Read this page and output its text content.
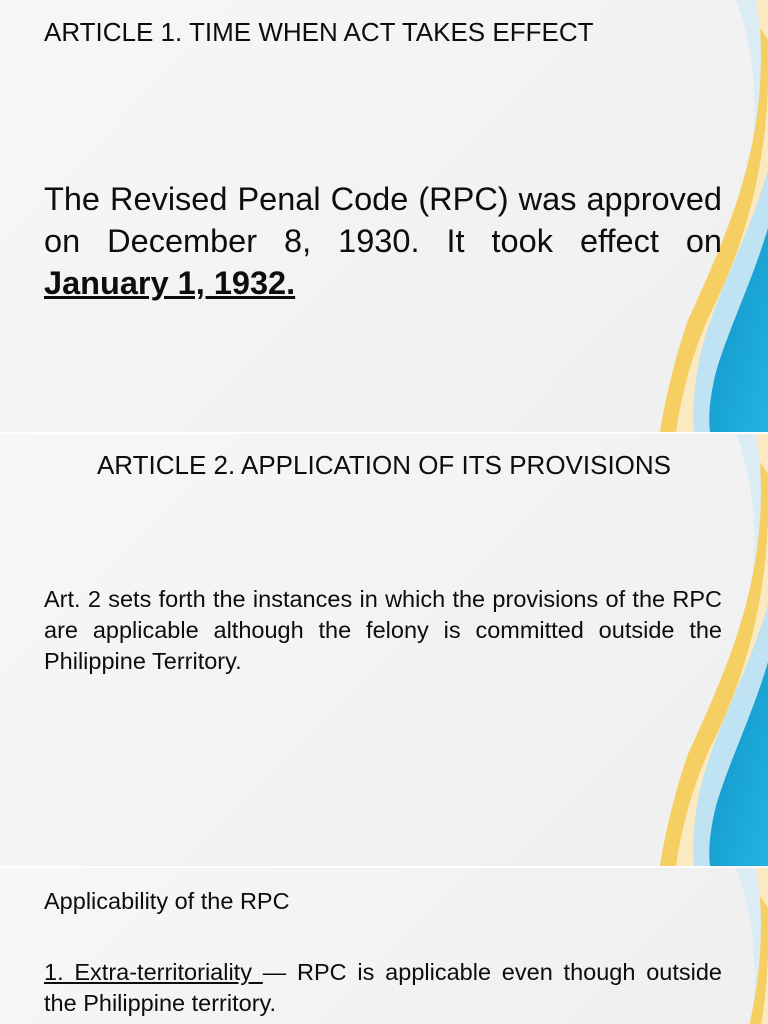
ARTICLE 1. TIME WHEN ACT TAKES EFFECT

The Revised Penal Code (RPC) was approved on December 8, 1930. It took effect on January 1, 1932.

ARTICLE 2. APPLICATION OF ITS PROVISIONS

Art. 2 sets forth the instances in which the provisions of the RPC are applicable although the felony is committed outside the Philippine Territory.

Applicability of the RPC

1. Extra-territoriality — RPC is applicable even though outside the Philippine territory.
